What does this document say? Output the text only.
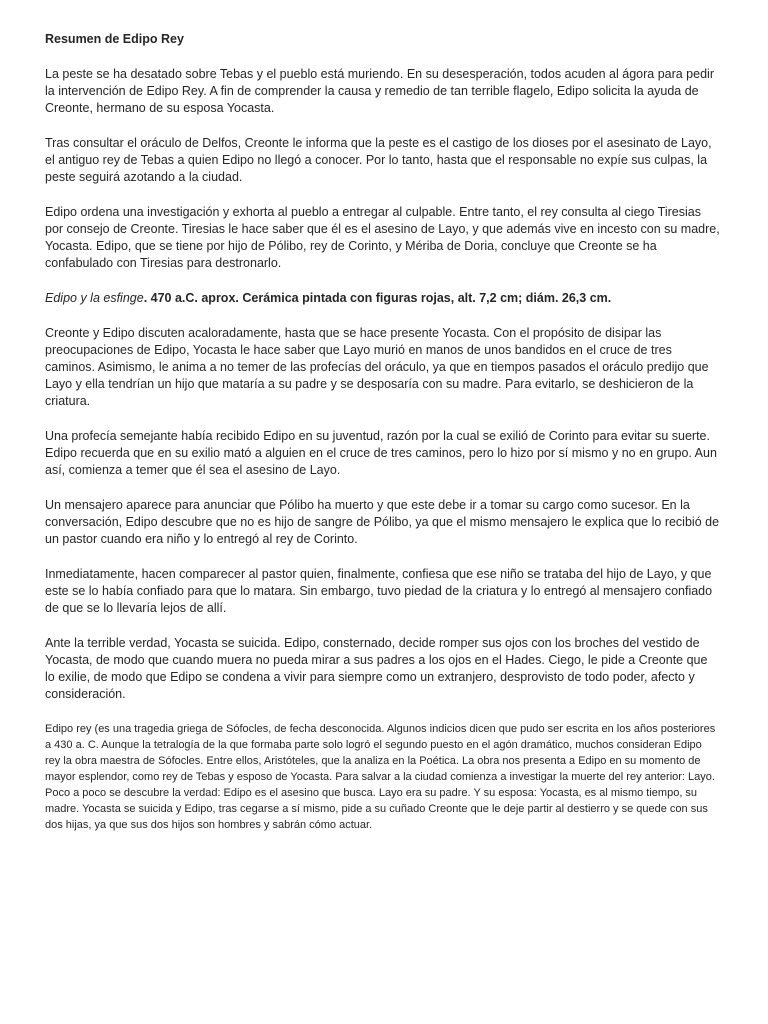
Resumen de Edipo Rey

La peste se ha desatado sobre Tebas y el pueblo está muriendo. En su desesperación, todos acuden al ágora para pedir la intervención de Edipo Rey. A fin de comprender la causa y remedio de tan terrible flagelo, Edipo solicita la ayuda de Creonte, hermano de su esposa Yocasta.

Tras consultar el oráculo de Delfos, Creonte le informa que la peste es el castigo de los dioses por el asesinato de Layo, el antiguo rey de Tebas a quien Edipo no llegó a conocer. Por lo tanto, hasta que el responsable no expíe sus culpas, la peste seguirá azotando a la ciudad.

Edipo ordena una investigación y exhorta al pueblo a entregar al culpable. Entre tanto, el rey consulta al ciego Tiresias por consejo de Creonte. Tiresias le hace saber que él es el asesino de Layo, y que además vive en incesto con su madre, Yocasta. Edipo, que se tiene por hijo de Pólibo, rey de Corinto, y Mériba de Doria, concluye que Creonte se ha confabulado con Tiresias para destronarlo.

Edipo y la esfinge. 470 a.C. aprox. Cerámica pintada con figuras rojas, alt. 7,2 cm; diám. 26,3 cm.

Creonte y Edipo discuten acaloradamente, hasta que se hace presente Yocasta. Con el propósito de disipar las preocupaciones de Edipo, Yocasta le hace saber que Layo murió en manos de unos bandidos en el cruce de tres caminos. Asimismo, le anima a no temer de las profecías del oráculo, ya que en tiempos pasados el oráculo predijo que Layo y ella tendrían un hijo que mataría a su padre y se desposaría con su madre. Para evitarlo, se deshicieron de la criatura.

Una profecía semejante había recibido Edipo en su juventud, razón por la cual se exilió de Corinto para evitar su suerte. Edipo recuerda que en su exilio mató a alguien en el cruce de tres caminos, pero lo hizo por sí mismo y no en grupo. Aun así, comienza a temer que él sea el asesino de Layo.

Un mensajero aparece para anunciar que Pólibo ha muerto y que este debe ir a tomar su cargo como sucesor. En la conversación, Edipo descubre que no es hijo de sangre de Pólibo, ya que el mismo mensajero le explica que lo recibió de un pastor cuando era niño y lo entregó al rey de Corinto.

Inmediatamente, hacen comparecer al pastor quien, finalmente, confiesa que ese niño se trataba del hijo de Layo, y que este se lo había confiado para que lo matara. Sin embargo, tuvo piedad de la criatura y lo entregó al mensajero confiado de que se lo llevaría lejos de allí.

Ante la terrible verdad, Yocasta se suicida. Edipo, consternado, decide romper sus ojos con los broches del vestido de Yocasta, de modo que cuando muera no pueda mirar a sus padres a los ojos en el Hades. Ciego, le pide a Creonte que lo exilie, de modo que Edipo se condena a vivir para siempre como un extranjero, desprovisto de todo poder, afecto y consideración.

Edipo rey (es una tragedia griega de Sófocles, de fecha desconocida. Algunos indicios dicen que pudo ser escrita en los años posteriores a 430 a. C. Aunque la tetralogía de la que formaba parte solo logró el segundo puesto en el agón dramático, muchos consideran Edipo rey la obra maestra de Sófocles. Entre ellos, Aristóteles, que la analiza en la Poética. La obra nos presenta a Edipo en su momento de mayor esplendor, como rey de Tebas y esposo de Yocasta. Para salvar a la ciudad comienza a investigar la muerte del rey anterior: Layo. Poco a poco se descubre la verdad: Edipo es el asesino que busca. Layo era su padre. Y su esposa: Yocasta, es al mismo tiempo, su madre. Yocasta se suicida y Edipo, tras cegarse a sí mismo, pide a su cuñado Creonte que le deje partir al destierro y se quede con sus dos hijas, ya que sus dos hijos son hombres y sabrán cómo actuar.
